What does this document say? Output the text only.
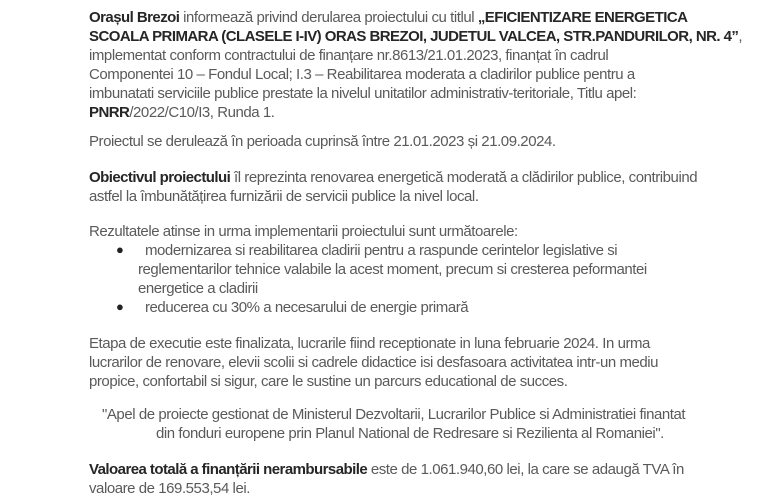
Orașul Brezoi informează privind derularea proiectului cu titlul „EFICIENTIZARE ENERGETICA
SCOALA PRIMARA (CLASELE I-IV) ORAS BREZOI, JUDETUL VALCEA, STR.PANDURILOR, NR. 4”,
implementat conform contractului de finanțare nr.8613/21.01.2023, finanțat în cadrul
Componentei 10 – Fondul Local; I.3 – Reabilitarea moderata a cladirilor publice pentru a
imbunatati serviciile publice prestate la nivelul unitatilor administrativ-teritoriale, Titlu apel:
PNRR/2022/C10/I3, Runda 1.
Proiectul se derulează în perioada cuprinsă între 21.01.2023 și 21.09.2024.
Obiectivul proiectului îl reprezinta renovarea energetică moderată a clădirilor publice, contribuind
astfel la îmbunătățirea furnizării de servicii publice la nivel local.
Rezultatele atinse in urma implementarii proiectului sunt următoarele:
● modernizarea si reabilitarea cladirii pentru a raspunde cerintelor legislative si
reglementarilor tehnice valabile la acest moment, precum si cresterea peformantei
energetice a cladirii
● reducerea cu 30% a necesarului de energie primară
Etapa de executie este finalizata, lucrarile fiind receptionate in luna februarie 2024. In urma
lucrarilor de renovare, elevii scolii si cadrele didactice isi desfasoara activitatea intr-un mediu
propice, confortabil si sigur, care le sustine un parcurs educational de succes.
"Apel de proiecte gestionat de Ministerul Dezvoltarii, Lucrarilor Publice si Administratiei finantat
din fonduri europene prin Planul National de Redresare si Rezilienta al Romaniei".
Valoarea totală a finanțării nerambursabile este de 1.061.940,60 lei, la care se adaugă TVA în
valoare de 169.553,54 lei.
